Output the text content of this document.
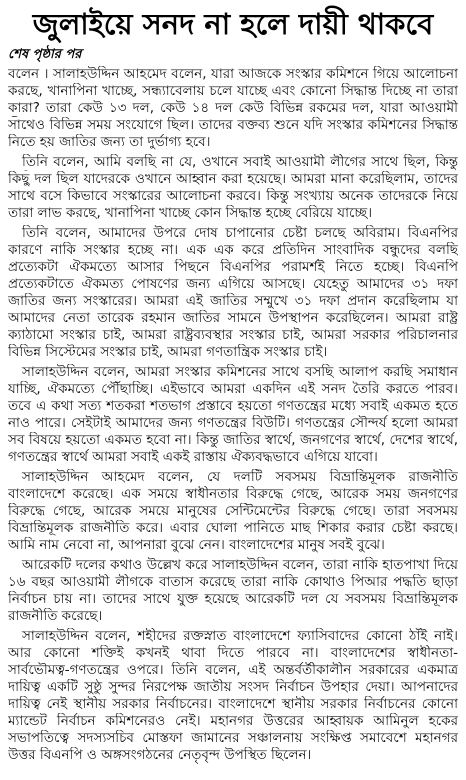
জুলাইয়ে সনদ না হলে দায়ী থাকবে
শেষ পৃষ্ঠার পর
বলেন । সালাহউদ্দিন আহমেদ বলেন, যারা আজকে সংস্কার কমিশনে গিয়ে আলোচনা
করছে, খানাপিনা খাচ্ছে, সন্ধ্যাবেলায় চলে যাচ্ছে এবং কোনো সিদ্ধান্ত দিচ্ছে না তারা
কারা? তারা কেউ ১৩ দল, কেউ ১৪ দল কেউ বিভিন্ন রকমের দল, যারা আওয়ামী
সাথেও বিভিন্ন সময় সংযোগে ছিল। তাদের বক্তব্য শুনে যদি সংস্কার কমিশনের সিদ্ধান্ত
নিতে হয় জাতির জন্য তা দুর্ভাগ্য হবে।
তিনি বলেন, আমি বলছি না যে, ওখানে সবাই আওয়ামী লীগের সাথে ছিল, কিন্তু
কিছু দল ছিল যাদেরকে ওখানে আহ্বান করা হয়েছে। আমরা মানা করেছিলাম, তাদের
সাথে বসে কিভাবে সংস্কারের আলোচনা করবে। কিন্তু সংখ্যায় অনেক তাদেরকে নিয়ে
তারা লাভ করছে, খানাপিনা খাচ্ছে কোন সিদ্ধান্ত হচ্ছে বেরিয়ে যাচ্ছে।
তিনি বলেন, আমাদের উপরে দোষ চাপানোর চেষ্টা চলছে অবিরাম। বিএনপির
কারণে নাকি সংস্কার হচ্ছে না। এক এক করে প্রতিদিন সাংবাদিক বন্ধুদের বলছি
প্রত্যেকটা ঐকমত্যে আসার পিছনে বিএনপির পরামর্শই নিতে হচ্ছে। বিএনপি
প্রত্যেকটাতে ঐকমত্য পোষণের জন্য এগিয়ে আসছে। যেহেতু আমাদের ৩১ দফা
জাতির জন্য সংস্কারের। আমরা এই জাতির সম্মুখে ৩১ দফা প্রদান করেছিলাম যা
আমাদের নেতা তারেক রহমান জাতির সামনে উপস্থাপন করেছিলেন। আমরা রাষ্ট্র
ক্যাঠামো সংস্কার চাই, আমরা রাষ্ট্রব্যবস্থার সংস্কার চাই, আমরা সরকার পরিচালনার
বিভিন্ন সিস্টেমের সংস্কার চাই, আমরা গণতান্ত্রিক সংস্কার চাই।
সালাহউদ্দিন বলেন, আমরা সংস্কার কমিশনের সাথে বসছি আলাপ করছি সমাধান
যাচ্ছি, ঐকমত্যে পৌঁছাচ্ছি। এইভাবে আমরা একদিন এই সনদ তৈরি করতে পারব।
তবে এ কথা সত্য শতকরা শতভাগ প্রস্তাবে হয়তো গণতন্ত্রের মধ্যে সবাই একমত হতে
নাও পারে। সেইটাই আমাদের জন্য গণতন্ত্রের বিউটি। গণতন্ত্রের সৌন্দর্য হলো আমরা
সব বিষয়ে হয়তো একমত হবো না। কিন্তু জাতির স্বার্থে, জনগণের স্বার্থে, দেশের স্বার্থে,
গণতন্ত্রের স্বার্থে আমরা সবাই একই রাস্তায় ঐক্যবদ্ধভাবে এগিয়ে যাবো।
সালাহউদ্দিন আহমেদ বলেন, যে দলটি সবসময় বিভ্রান্তিমূলক রাজনীতি
বাংলাদেশে করেছে। এক সময়ে স্বাধীনতার বিরুদ্ধে গেছে, আরেক সময় জনগণের
বিরুদ্ধে গেছে, আরেক সময়ে মানুষের সেন্টিমেন্টের বিরুদ্ধে গেছে। তারা সবসময়
বিভ্রান্তিমূলক রাজনীতি করে। এবার ঘোলা পানিতে মাছ শিকার করার চেষ্টা করছে।
আমি নাম নেবো না, আপনারা বুঝে নেন। বাংলাদেশের মানুষ সবই বুঝে।
আরেকটি দলের কথাও উল্লেখ করে সালাহউদ্দিন বলেন, তারা নাকি হাতপাখা দিয়ে
১৬ বছর আওয়ামী লীগকে বাতাস করেছে তারা নাকি কোথাও পিআর পদ্ধতি ছাড়া
নির্বাচন চায় না। তাদের সাথে যুক্ত হয়েছে আরেকটি দল যে সবসময় বিভ্রান্তিমূলক
রাজনীতি করেছে।
সালাহউদ্দিন বলেন, শহীদের রক্তস্নাত বাংলাদেশে ফ্যাসিবাদের কোনো ঠাঁই নাই।
আর কোনো শক্তিই কখনই থাবা দিতে পারবে না। বাংলাদেশের স্বাধীনতা-
সার্বভৌমত্ব-গণতন্ত্রের ওপরে। তিনি বলেন, এই অন্তর্বর্তীকালীন সরকারের একমাত্র
দায়িত্ব একটি সুষ্ঠু সুন্দর নিরপেক্ষ জাতীয় সংসদ নির্বাচন উপহার দেয়া। আপনাদের
দায়িত্ব নেই স্থানীয় সরকার নির্বাচনের। বাংলাদেশে স্থানীয় সরকার নির্বাচনের কোনো
ম্যান্ডেট নির্বাচন কমিশনেরও নেই। মহানগর উত্তরের আহ্বায়ক আমিনুল হকের
সভাপতিত্বে সদস্যসচিব মোস্তফা জামানের সঞ্চালনায় সংক্ষিপ্ত সমাবেশে মহানগর
উত্তর বিএনপি ও অঙ্গসংগঠনের নেতৃবৃন্দ উপস্থিত ছিলেন।
